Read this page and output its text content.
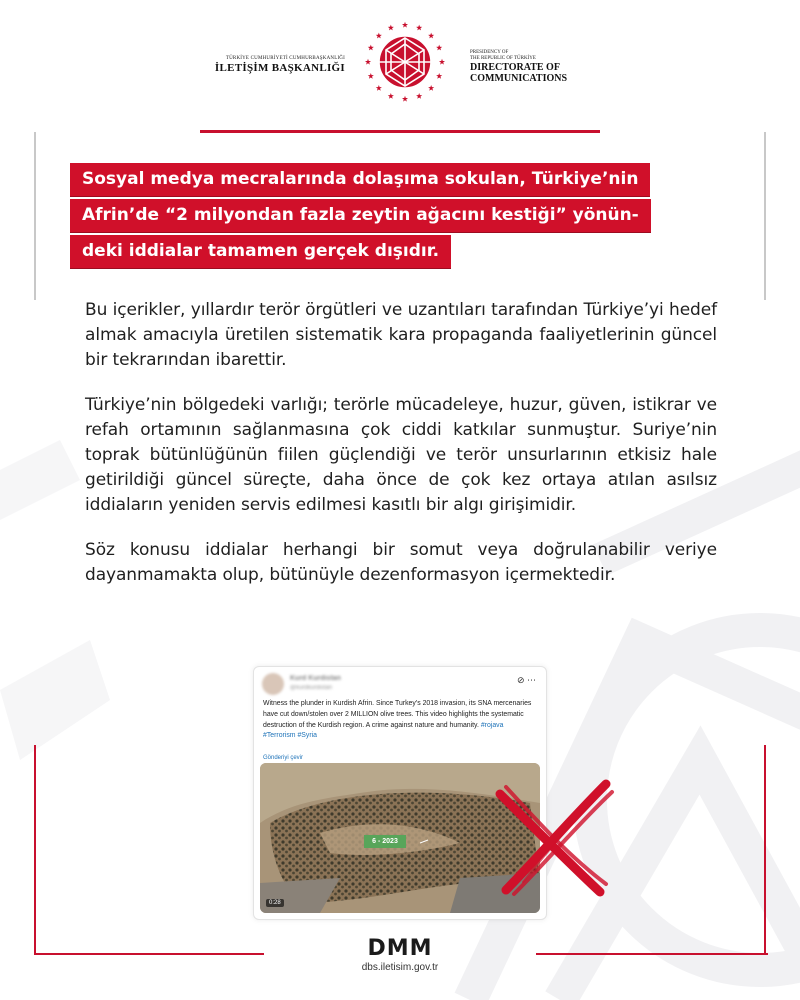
TÜRKİYE CUMHURİYETİ CUMHURBAŞKANLIĞI
İLETİŞİM BAŞKANLIĞI
PRESIDENCY OF
THE REPUBLIC OF TÜRKİYE
DIRECTORATE OF
COMMUNICATIONS
Sosyal medya mecralarında dolaşıma sokulan, Türkiye’nin
Afrin’de “2 milyondan fazla zeytin ağacını kestiği” yönün-
deki iddialar tamamen gerçek dışıdır.

Bu içerikler, yıllardır terör örgütleri ve uzantıları tarafından Türkiye’yi hedef almak amacıyla üretilen sistematik kara propaganda faaliyetlerinin güncel bir tekrarından ibarettir.

Türkiye’nin bölgedeki varlığı; terörle mücadeleye, huzur, güven, istikrar ve refah ortamının sağlanmasına çok ciddi katkılar sunmuştur. Suriye’nin toprak bütünlüğünün fiilen güçlendiği ve terör unsurlarının etkisiz hale getirildiği güncel süreçte, daha önce de çok kez ortaya atılan asılsız iddiaların yeniden servis edilmesi kasıtlı bir algı girişimidir.

Söz konusu iddialar herhangi bir somut veya doğrulanabilir veriye dayanmamakta olup, bütünüyle dezenformasyon içermektedir.

Kurd Kurdistan
@kurdkurdistan
⊘ ⋯
Witness the plunder in Kurdish Afrin. Since Turkey’s 2018 invasion, its SNA mercenaries have cut down/stolen over 2 MILLION olive trees. This video highlights the systematic destruction of the Kurdish region. A crime against nature and humanity. #rojava #Terrorism #Syria
Gönderiyi çevir
6 - 2023
0:28
DMM
dbs.iletisim.gov.tr
